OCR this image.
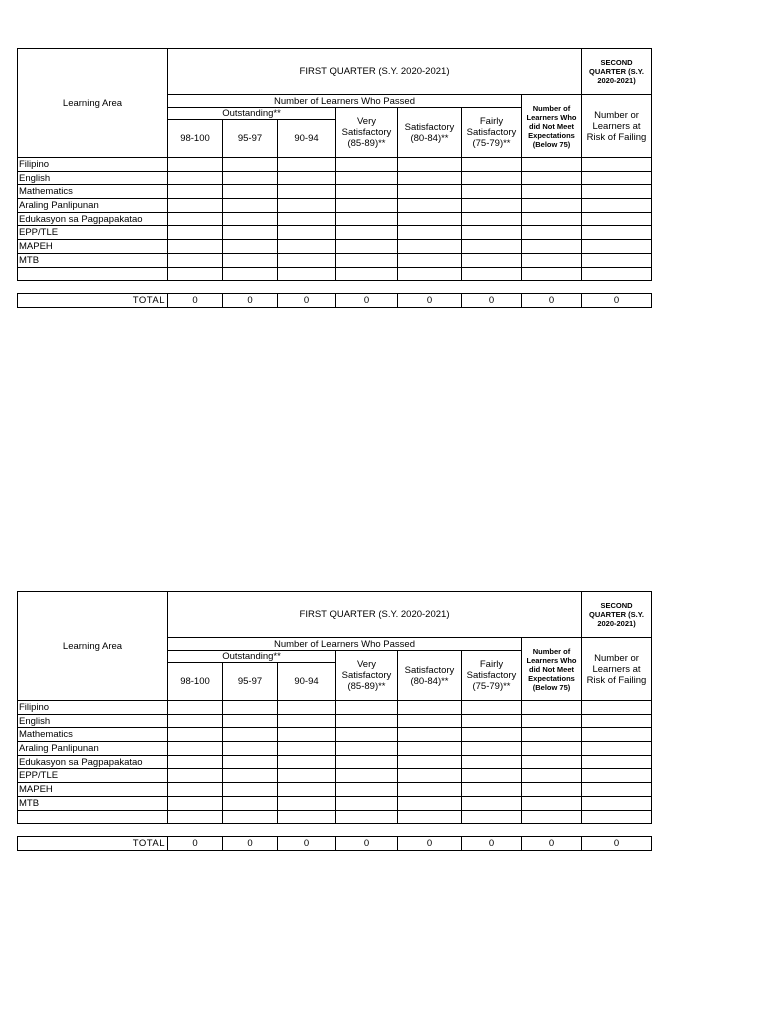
Learning Area	FIRST QUARTER (S.Y. 2020-2021)							SECOND QUARTER (S.Y. 2020-2021)
	Number of Learners Who Passed						Number of Learners Who did Not Meet Expectations (Below 75)	Number or Learners at Risk of Failing
	Outstanding**			Very Satisfactory (85-89)**	Satisfactory (80-84)**	Fairly Satisfactory (75-79)**		
	98-100	95-97	90-94					
Filipino								
English								
Mathematics								
Araling Panlipunan								
Edukasyon sa Pagpapakatao								
EPP/TLE								
MAPEH								
MTB								

TOTAL	0	0	0	0	0	0	0	0
Learning Area	FIRST QUARTER (S.Y. 2020-2021)							SECOND QUARTER (S.Y. 2020-2021)
	Number of Learners Who Passed						Number of Learners Who did Not Meet Expectations (Below 75)	Number or Learners at Risk of Failing
	Outstanding**			Very Satisfactory (85-89)**	Satisfactory (80-84)**	Fairly Satisfactory (75-79)**		
	98-100	95-97	90-94					
Filipino								
English								
Mathematics								
Araling Panlipunan								
Edukasyon sa Pagpapakatao								
EPP/TLE								
MAPEH								
MTB								

TOTAL	0	0	0	0	0	0	0	0
